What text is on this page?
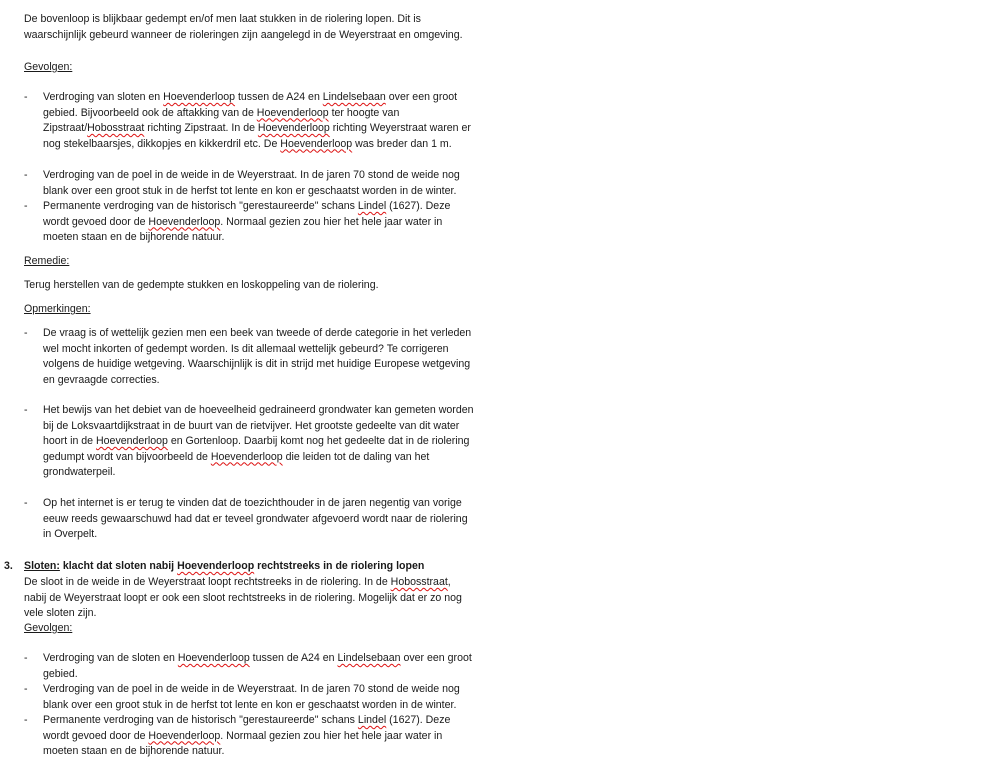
De bovenloop is blijkbaar gedempt en/of men laat stukken in de riolering lopen. Dit is waarschijnlijk gebeurd wanneer de rioleringen zijn aangelegd in de Weyerstraat en omgeving.

Gevolgen:
- Verdroging van sloten en Hoevenderloop tussen de A24 en Lindelsebaan over een groot gebied. Bijvoorbeeld ook de aftakking van de Hoevenderloop ter hoogte van Zipstraat/Hobosstraat richting Zipstraat. In de Hoevenderloop richting Weyerstraat waren er nog stekelbaarsjes, dikkopjes en kikkerdril etc. De Hoevenderloop was breder dan 1 m.
- Verdroging van de poel in de weide in de Weyerstraat. In de jaren 70 stond de weide nog blank over een groot stuk in de herfst tot lente en kon er geschaatst worden in de winter.
- Permanente verdroging van de historisch "gerestaureerde" schans Lindel (1627). Deze wordt gevoed door de Hoevenderloop. Normaal gezien zou hier het hele jaar water in moeten staan en de bijhorende natuur.
Remedie:
Terug herstellen van de gedempte stukken en loskoppeling van de riolering.
Opmerkingen:
- De vraag is of wettelijk gezien men een beek van tweede of derde categorie in het verleden wel mocht inkorten of gedempt worden. Is dit allemaal wettelijk gebeurd? Te corrigeren volgens de huidige wetgeving. Waarschijnlijk is dit in strijd met huidige Europese wetgeving en gevraagde correcties.
- Het bewijs van het debiet van de hoeveelheid gedraineerd grondwater kan gemeten worden bij de Loksvaartdijkstraat in de buurt van de rietvijver. Het grootste gedeelte van dit water hoort in de Hoevenderloop en Gortenloop. Daarbij komt nog het gedeelte dat in de riolering gedumpt wordt van bijvoorbeeld de Hoevenderloop die leiden tot de daling van het grondwaterpeil.
- Op het internet is er terug te vinden dat de toezichthouder in de jaren negentig van vorige eeuw reeds gewaarschuwd had dat er teveel grondwater afgevoerd wordt naar de riolering in Overpelt.
3. Sloten: klacht dat sloten nabij Hoevenderloop rechtstreeks in de riolering lopen

De sloot in de weide in de Weyerstraat loopt rechtstreeks in de riolering. In de Hobosstraat, nabij de Weyerstraat loopt er ook een sloot rechtstreeks in de riolering. Mogelijk dat er zo nog vele sloten zijn.

Gevolgen:
- Verdroging van de sloten en Hoevenderloop tussen de A24 en Lindelsebaan over een groot gebied.
- Verdroging van de poel in de weide in de Weyerstraat. In de jaren 70 stond de weide nog blank over een groot stuk in de herfst tot lente en kon er geschaatst worden in de winter.
- Permanente verdroging van de historisch "gerestaureerde" schans Lindel (1627). Deze wordt gevoed door de Hoevenderloop. Normaal gezien zou hier het hele jaar water in moeten staan en de bijhorende natuur.
